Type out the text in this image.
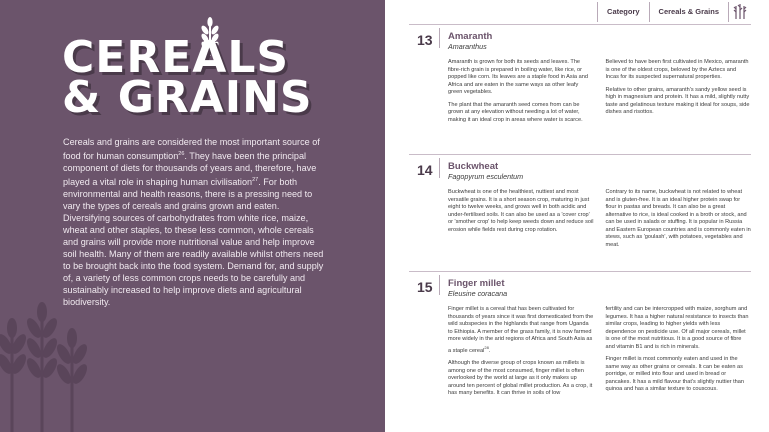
CEREALS
& GRAINS
Cereals and grains are considered the most important source of food for human consumption$^{26}$. They have been the principal component of diets for thousands of years and, therefore, have played a vital role in shaping human civilisation$^{27}$. For both environmental and health reasons, there is a pressing need to vary the types of cereals and grains grown and eaten. Diversifying sources of carbohydrates from white rice, maize, wheat and other staples, to these less common, whole cereals and grains will provide more nutritional value and help improve soil health. Many of them are readily available whilst others need to be brought back into the food system. Demand for, and supply of, a variety of less common crops needs to be carefully and sustainably increased to help improve diets and agricultural biodiversity.
Category	Cereals & Grains
13 Amaranth
Amaranthus

Amaranth is grown for both its seeds and leaves. The fibre-rich grain is prepared in boiling water, like rice, or popped like corn. Its leaves are a staple food in Asia and Africa and are eaten in the same ways as other leafy green vegetables.

The plant that the amaranth seed comes from can be grown at any elevation without needing a lot of water, making it an ideal crop in areas where water is scarce.

Believed to have been first cultivated in Mexico, amaranth is one of the oldest crops, beloved by the Aztecs and Incas for its suspected supernatural properties.

Relative to other grains, amaranth's sandy yellow seed is high in magnesium and protein. It has a mild, slightly nutty taste and gelatinous texture making it ideal for soups, side dishes and risottos.

14 Buckwheat
Fagopyrum esculentum

Buckwheat is one of the healthiest, nuttiest and most versatile grains. It is a short season crop, maturing in just eight to twelve weeks, and grows well in both acidic and under-fertilised soils. It can also be used as a 'cover crop' or 'smother crop' to help keep weeds down and reduce soil erosion while fields rest during crop rotation.

Contrary to its name, buckwheat is not related to wheat and is gluten-free. It is an ideal higher protein swap for flour in pastas and breads. It can also be a great alternative to rice, is ideal cooked in a broth or stock, and can be used in salads or stuffing. It is popular in Russia and Eastern European countries and is commonly eaten in stews, such as 'goulash', with potatoes, vegetables and meat.

15 Finger millet
Eleusine coracana

Finger millet is a cereal that has been cultivated for thousands of years since it was first domesticated from the wild subspecies in the highlands that range from Uganda to Ethiopia. A member of the grass family, it is now farmed more widely in the arid regions of Africa and South Asia as a staple cereal$^{28}$.

Although the diverse group of crops known as millets is among one of the most consumed, finger millet is often overlooked by the world at large as it only makes up around ten percent of global millet production. As a crop, it has many benefits. It can thrive in soils of low

fertility and can be intercropped with maize, sorghum and legumes. It has a higher natural resistance to insects than similar crops, leading to higher yields with less dependence on pesticide use. Of all major cereals, millet is one of the most nutritious. It is a good source of fibre and vitamin B1 and is rich in minerals.

Finger millet is most commonly eaten and used in the same way as other grains or cereals. It can be eaten as porridge, or milled into flour and used in bread or pancakes. It has a mild flavour that's slightly nuttier than quinoa and has a similar texture to couscous.
